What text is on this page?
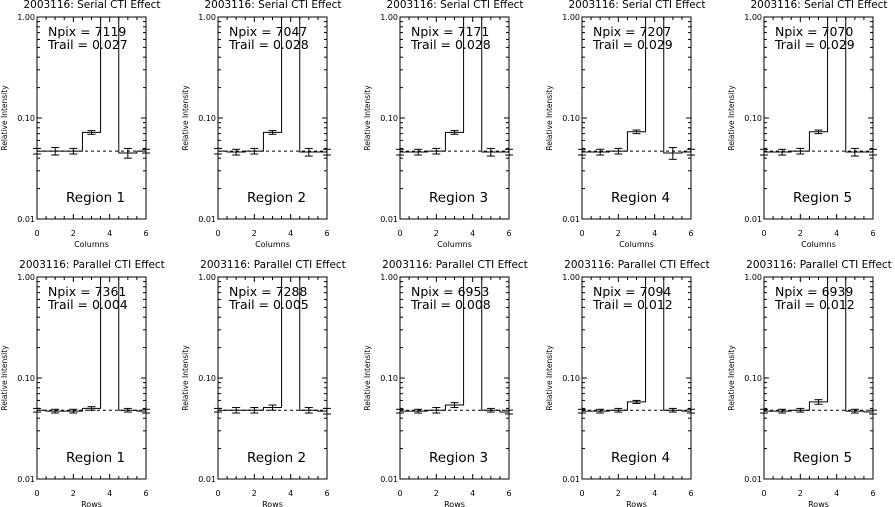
2003116: Serial CTI Effect
0.01
0.10
1.00
0	2	4	6
Columns
Relative Intensity
Npix = 7119
Trail = 0.027
Region 1
2003116: Serial CTI Effect
0.01
0.10
1.00
0	2	4	6
Columns
Relative Intensity
Npix = 7047
Trail = 0.028
Region 2
2003116: Serial CTI Effect
0.01
0.10
1.00
0	2	4	6
Columns
Relative Intensity
Npix = 7171
Trail = 0.028
Region 3
2003116: Serial CTI Effect
0.01
0.10
1.00
0	2	4	6
Columns
Relative Intensity
Npix = 7207
Trail = 0.029
Region 4
2003116: Serial CTI Effect
0.01
0.10
1.00
0	2	4	6
Columns
Relative Intensity
Npix = 7070
Trail = 0.029
Region 5
2003116: Parallel CTI Effect
0.01
0.10
1.00
0	2	4	6
Rows
Relative Intensity
Npix = 7361
Trail = 0.004
Region 1
2003116: Parallel CTI Effect
0.01
0.10
1.00
0	2	4	6
Rows
Relative Intensity
Npix = 7288
Trail = 0.005
Region 2
2003116: Parallel CTI Effect
0.01
0.10
1.00
0	2	4	6
Rows
Relative Intensity
Npix = 6953
Trail = 0.008
Region 3
2003116: Parallel CTI Effect
0.01
0.10
1.00
0	2	4	6
Rows
Relative Intensity
Npix = 7094
Trail = 0.012
Region 4
2003116: Parallel CTI Effect
0.01
0.10
1.00
0	2	4	6
Rows
Relative Intensity
Npix = 6939
Trail = 0.012
Region 5
